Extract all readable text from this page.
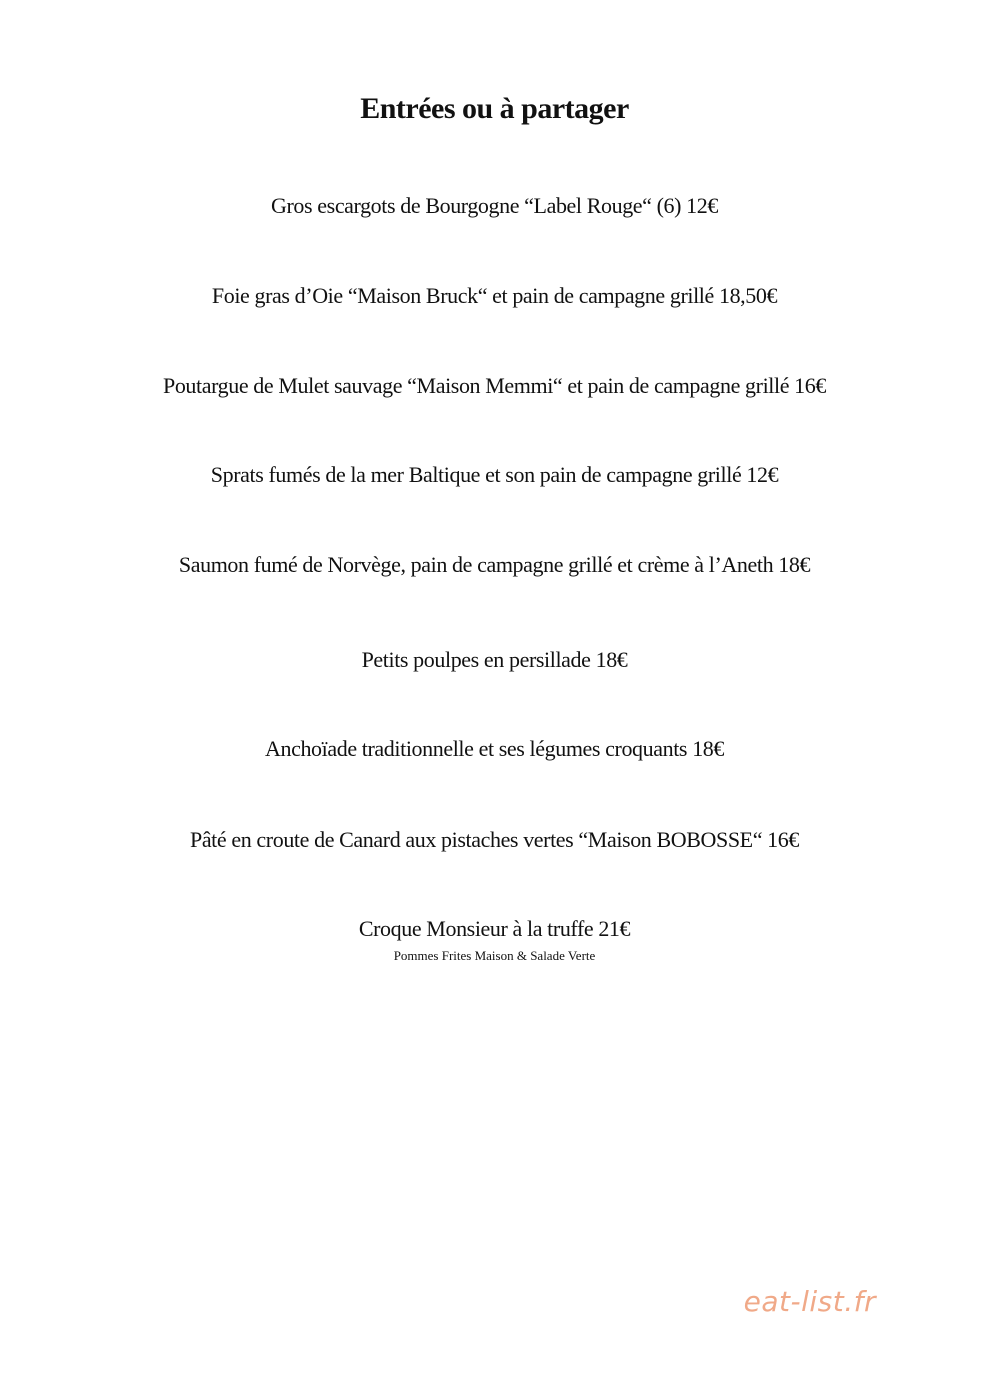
Entrées ou à partager
Gros escargots de Bourgogne “Label Rouge“ (6) 12€
Foie gras d’Oie “Maison Bruck“ et pain de campagne grillé 18,50€
Poutargue de Mulet sauvage “Maison Memmi“ et pain de campagne grillé 16€
Sprats fumés de la mer Baltique et son pain de campagne grillé 12€
Saumon fumé de Norvège, pain de campagne grillé et crème à l’Aneth 18€
Petits poulpes en persillade 18€
Anchoïade traditionnelle et ses légumes croquants 18€
Pâté en croute de Canard aux pistaches vertes “Maison BOBOSSE“ 16€
Croque Monsieur à la truffe 21€
Pommes Frites Maison & Salade Verte
eat-list.fr
